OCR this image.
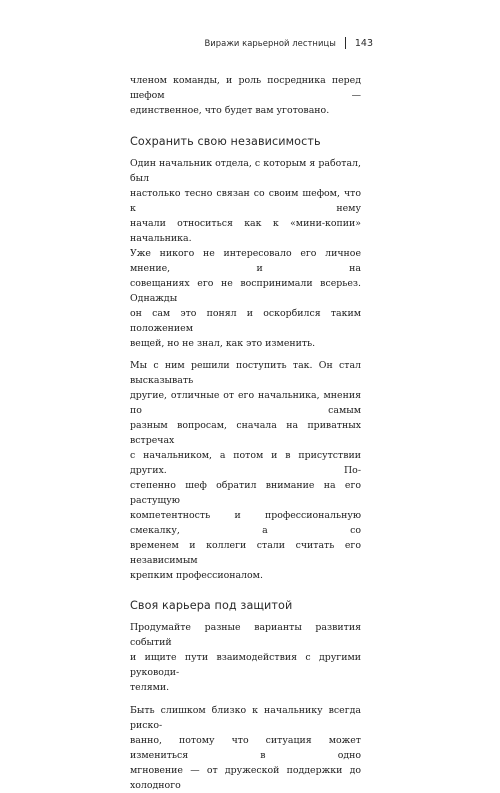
Виражи карьерной лестницы 143

членом команды, и роль посредника перед шефом —
единственное, что будет вам уготовано.

Сохранить свою независимость

Один начальник отдела, с которым я работал, был
настолько тесно связан со своим шефом, что к нему
начали относиться как к «мини-копии» начальника.
Уже никого не интересовало его личное мнение, и на
совещаниях его не воспринимали всерьез. Однажды
он сам это понял и оскорбился таким положением
вещей, но не знал, как это изменить.

Мы с ним решили поступить так. Он стал высказывать
другие, отличные от его начальника, мнения по самым
разным вопросам, сначала на приватных встречах
с начальником, а потом и в присутствии других. По-
степенно шеф обратил внимание на его растущую
компетентность и профессиональную смекалку, а со
временем и коллеги стали считать его независимым
крепким профессионалом.

Своя карьера под защитой

Продумайте разные варианты развития событий
и ищите пути взаимодействия с другими руководи-
телями.

Быть слишком близко к начальнику всегда риско-
ванно, потому что ситуация может измениться в одно
мгновение — от дружеской поддержки до холодного
